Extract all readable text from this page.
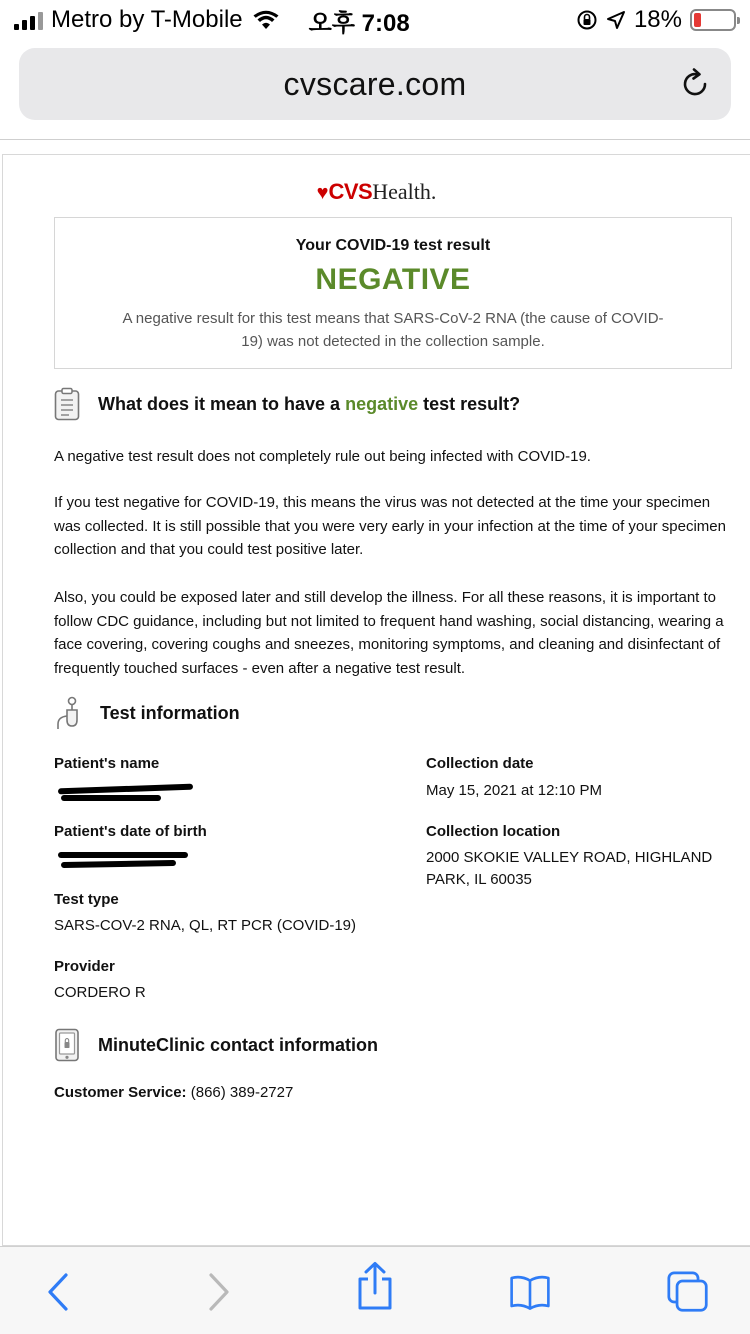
Metro by T-Mobile	오후 7:08	18%
cvscare.com
♥CVSHealth.
Your COVID-19 test result
NEGATIVE
A negative result for this test means that SARS-CoV-2 RNA (the cause of COVID-19) was not detected in the collection sample.
What does it mean to have a negative test result?

A negative test result does not completely rule out being infected with COVID-19.

If you test negative for COVID-19, this means the virus was not detected at the time your specimen was collected. It is still possible that you were very early in your infection at the time of your specimen collection and that you could test positive later.

Also, you could be exposed later and still develop the illness. For all these reasons, it is important to follow CDC guidance, including but not limited to frequent hand washing, social distancing, wearing a face covering, covering coughs and sneezes, monitoring symptoms, and cleaning and disinfectant of frequently touched surfaces - even after a negative test result.

Test information
Patient's name
Patient's date of birth
Test type
SARS-COV-2 RNA, QL, RT PCR (COVID-19)
Provider
CORDERO R
Collection date
May 15, 2021 at 12:10 PM
Collection location
2000 SKOKIE VALLEY ROAD, HIGHLAND
PARK, IL 60035
MinuteClinic contact information
Customer Service: (866) 389-2727
